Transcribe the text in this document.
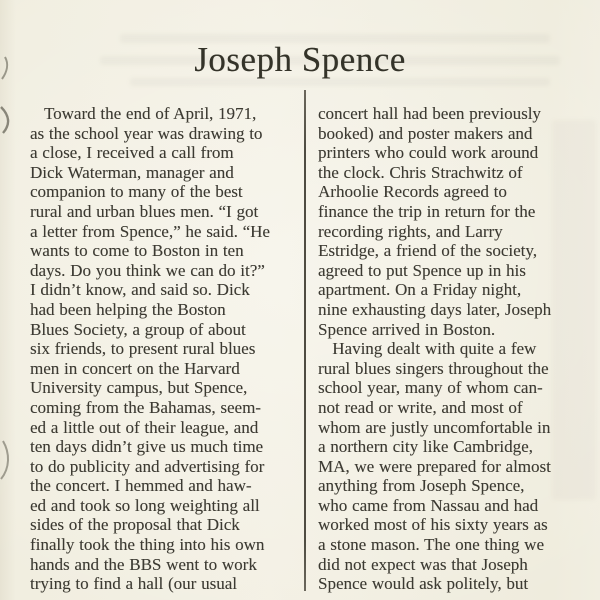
Joseph Spence
Toward the end of April, 1971,
as the school year was drawing to
a close, I received a call from
Dick Waterman, manager and
companion to many of the best
rural and urban blues men. “I got
a letter from Spence,” he said. “He
wants to come to Boston in ten
days. Do you think we can do it?”
I didn’t know, and said so. Dick
had been helping the Boston
Blues Society, a group of about
six friends, to present rural blues
men in concert on the Harvard
University campus, but Spence,
coming from the Bahamas, seem-
ed a little out of their league, and
ten days didn’t give us much time
to do publicity and advertising for
the concert. I hemmed and haw-
ed and took so long weighting all
sides of the proposal that Dick
finally took the thing into his own
hands and the BBS went to work
trying to find a hall (our usual
concert hall had been previously
booked) and poster makers and
printers who could work around
the clock. Chris Strachwitz of
Arhoolie Records agreed to
finance the trip in return for the
recording rights, and Larry
Estridge, a friend of the society,
agreed to put Spence up in his
apartment. On a Friday night,
nine exhausting days later, Joseph
Spence arrived in Boston.
Having dealt with quite a few
rural blues singers throughout the
school year, many of whom can-
not read or write, and most of
whom are justly uncomfortable in
a northern city like Cambridge,
MA, we were prepared for almost
anything from Joseph Spence,
who came from Nassau and had
worked most of his sixty years as
a stone mason. The one thing we
did not expect was that Joseph
Spence would ask politely, but
